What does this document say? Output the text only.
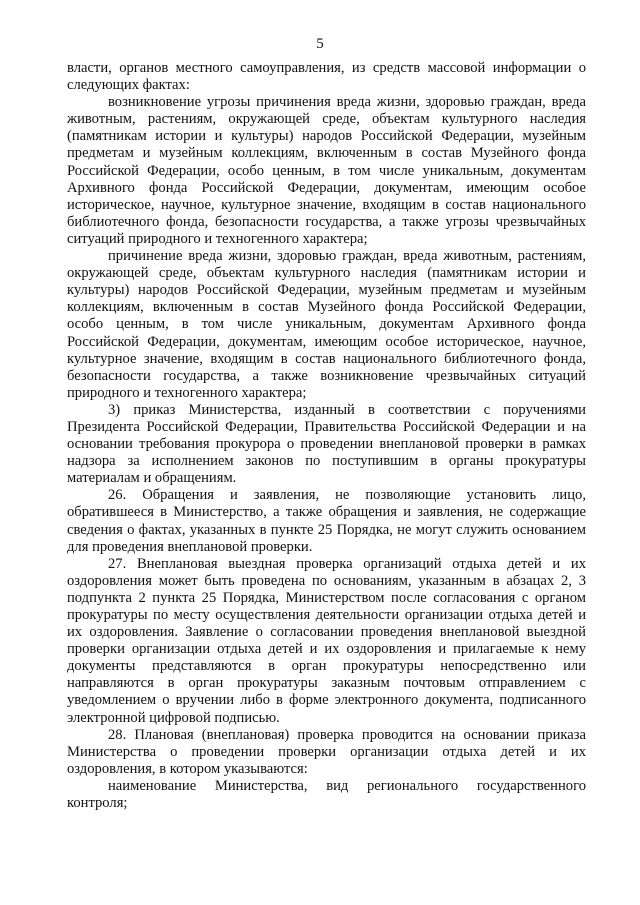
5

власти, органов местного самоуправления, из средств массовой информации о следующих фактах:

возникновение угрозы причинения вреда жизни, здоровью граждан, вреда животным, растениям, окружающей среде, объектам культурного наследия (памятникам истории и культуры) народов Российской Федерации, музейным предметам и музейным коллекциям, включенным в состав Музейного фонда Российской Федерации, особо ценным, в том числе уникальным, документам Архивного фонда Российской Федерации, документам, имеющим особое историческое, научное, культурное значение, входящим в состав национального библиотечного фонда, безопасности государства, а также угрозы чрезвычайных ситуаций природного и техногенного характера;

причинение вреда жизни, здоровью граждан, вреда животным, растениям, окружающей среде, объектам культурного наследия (памятникам истории и культуры) народов Российской Федерации, музейным предметам и музейным коллекциям, включенным в состав Музейного фонда Российской Федерации, особо ценным, в том числе уникальным, документам Архивного фонда Российской Федерации, документам, имеющим особое историческое, научное, культурное значение, входящим в состав национального библиотечного фонда, безопасности государства, а также возникновение чрезвычайных ситуаций природного и техногенного характера;

3) приказ Министерства, изданный в соответствии с поручениями Президента Российской Федерации, Правительства Российской Федерации и на основании требования прокурора о проведении внеплановой проверки в рамках надзора за исполнением законов по поступившим в органы прокуратуры материалам и обращениям.

26. Обращения и заявления, не позволяющие установить лицо, обратившееся в Министерство, а также обращения и заявления, не содержащие сведения о фактах, указанных в пункте 25 Порядка, не могут служить основанием для проведения внеплановой проверки.

27. Внеплановая выездная проверка организаций отдыха детей и их оздоровления может быть проведена по основаниям, указанным в абзацах 2, 3 подпункта 2 пункта 25 Порядка, Министерством после согласования с органом прокуратуры по месту осуществления деятельности организации отдыха детей и их оздоровления. Заявление о согласовании проведения внеплановой выездной проверки организации отдыха детей и их оздоровления и прилагаемые к нему документы представляются в орган прокуратуры непосредственно или направляются в орган прокуратуры заказным почтовым отправлением с уведомлением о вручении либо в форме электронного документа, подписанного электронной цифровой подписью.

28. Плановая (внеплановая) проверка проводится на основании приказа Министерства о проведении проверки организации отдыха детей и их оздоровления, в котором указываются:

наименование Министерства, вид регионального государственного контроля;
